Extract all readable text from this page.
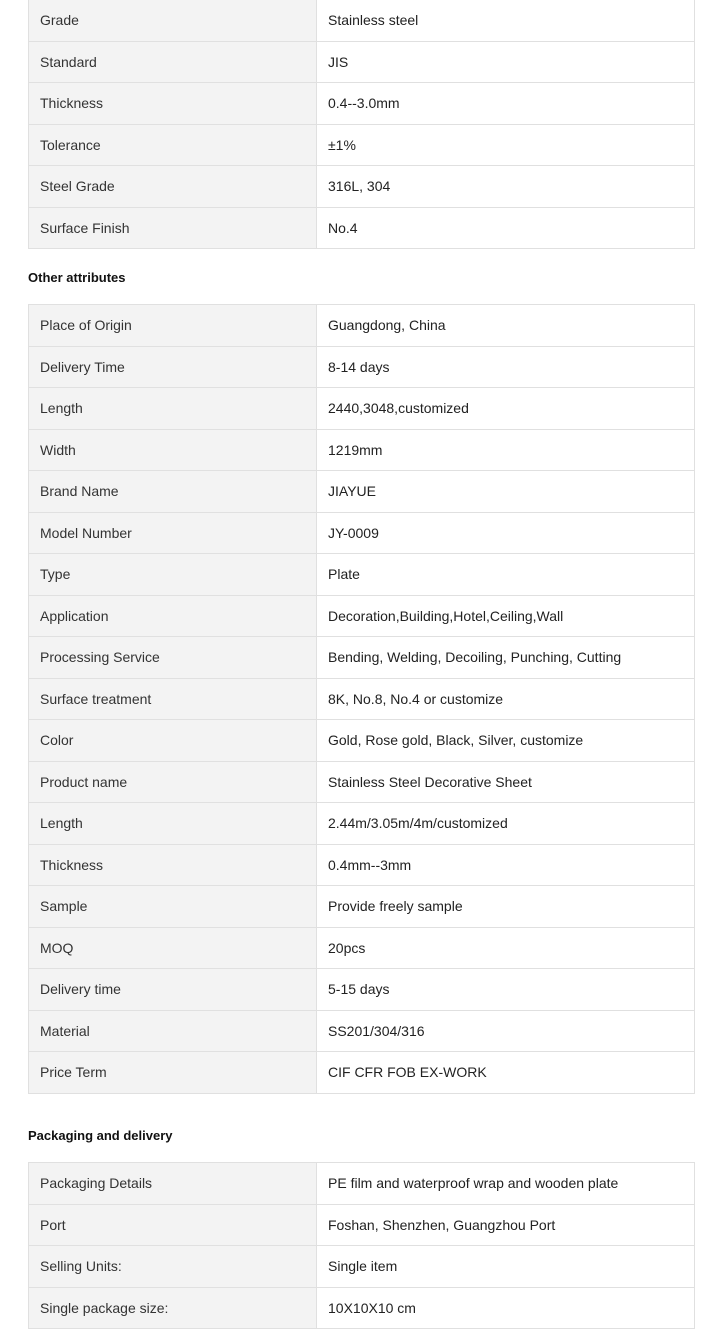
Grade	Stainless steel
Standard	JIS
Thickness	0.4--3.0mm
Tolerance	±1%
Steel Grade	316L, 304
Surface Finish	No.4
Other attributes
Place of Origin	Guangdong, China
Delivery Time	8-14 days
Length	2440,3048,customized
Width	1219mm
Brand Name	JIAYUE
Model Number	JY-0009
Type	Plate
Application	Decoration,Building,Hotel,Ceiling,Wall
Processing Service	Bending, Welding, Decoiling, Punching, Cutting
Surface treatment	8K, No.8, No.4 or customize
Color	Gold, Rose gold, Black, Silver, customize
Product name	Stainless Steel Decorative Sheet
Length	2.44m/3.05m/4m/customized
Thickness	0.4mm--3mm
Sample	Provide freely sample
MOQ	20pcs
Delivery time	5-15 days
Material	SS201/304/316
Price Term	CIF CFR FOB EX-WORK
Packaging and delivery
Packaging Details	PE film and waterproof wrap and wooden plate
Port	Foshan, Shenzhen, Guangzhou Port
Selling Units:	Single item
Single package size:	10X10X10 cm
